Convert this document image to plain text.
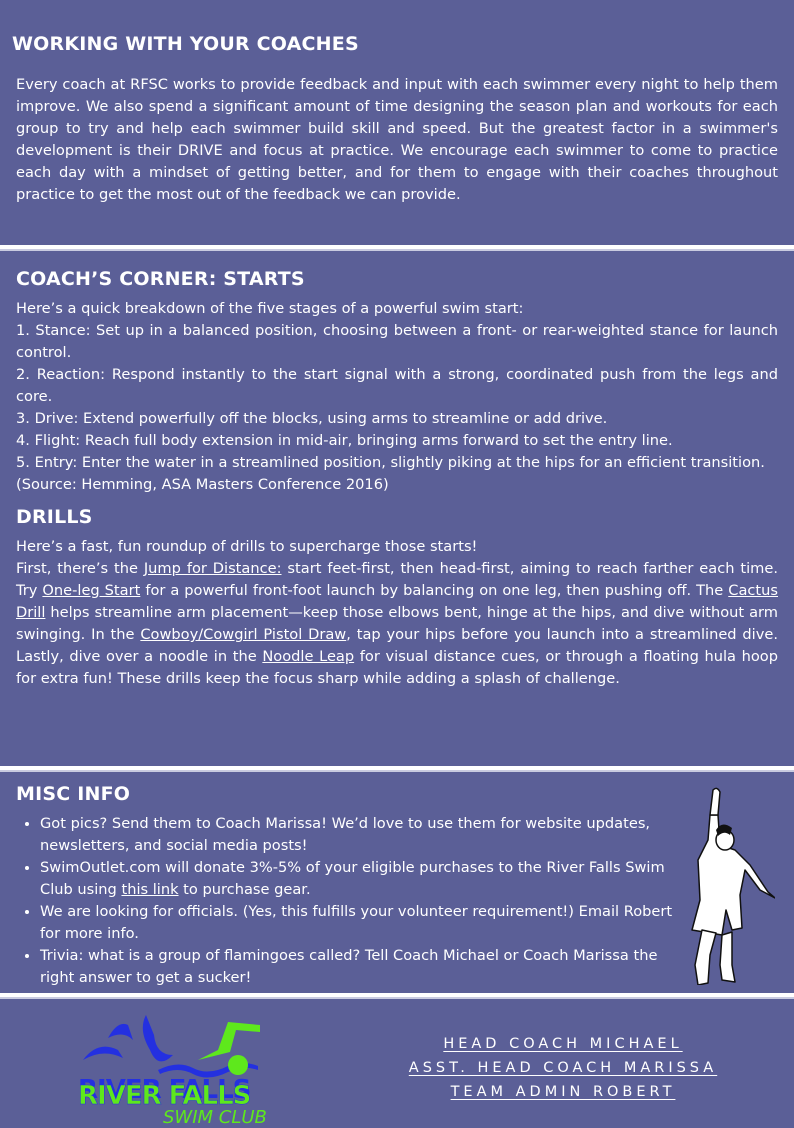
WORKING WITH YOUR COACHES

Every coach at RFSC works to provide feedback and input with each swimmer every night to help them improve. We also spend a significant amount of time designing the season plan and workouts for each group to try and help each swimmer build skill and speed. But the greatest factor in a swimmer's development is their DRIVE and focus at practice. We encourage each swimmer to come to practice each day with a mindset of getting better, and for them to engage with their coaches throughout practice to get the most out of the feedback we can provide.

COACH’S CORNER: STARTS

Here’s a quick breakdown of the five stages of a powerful swim start:

1. Stance: Set up in a balanced position, choosing between a front- or rear-weighted stance for launch control.

2. Reaction: Respond instantly to the start signal with a strong, coordinated push from the legs and core.

3. Drive: Extend powerfully off the blocks, using arms to streamline or add drive.

4. Flight: Reach full body extension in mid-air, bringing arms forward to set the entry line.

5. Entry: Enter the water in a streamlined position, slightly piking at the hips for an efficient transition.

(Source: Hemming, ASA Masters Conference 2016)

DRILLS

Here’s a fast, fun roundup of drills to supercharge those starts!

First, there’s the Jump for Distance: start feet-first, then head-first, aiming to reach farther each time. Try One-leg Start for a powerful front-foot launch by balancing on one leg, then pushing off. The Cactus Drill helps streamline arm placement—keep those elbows bent, hinge at the hips, and dive without arm swinging. In the Cowboy/Cowgirl Pistol Draw, tap your hips before you launch into a streamlined dive. Lastly, dive over a noodle in the Noodle Leap for visual distance cues, or through a floating hula hoop for extra fun! These drills keep the focus sharp while adding a splash of challenge.

MISC INFO
• Got pics? Send them to Coach Marissa! We’d love to use them for website updates, newsletters, and social media posts!
• SwimOutlet.com will donate 3%-5% of your eligible purchases to the River Falls Swim Club using this link to purchase gear.
• We are looking for officials. (Yes, this fulfills your volunteer requirement!) Email Robert for more info.
• Trivia: what is a group of flamingoes called? Tell Coach Michael or Coach Marissa the right answer to get a sucker!
RIVER FALLS
SWIM CLUB
HEAD COACH MICHAEL
ASST. HEAD COACH MARISSA
TEAM ADMIN ROBERT
